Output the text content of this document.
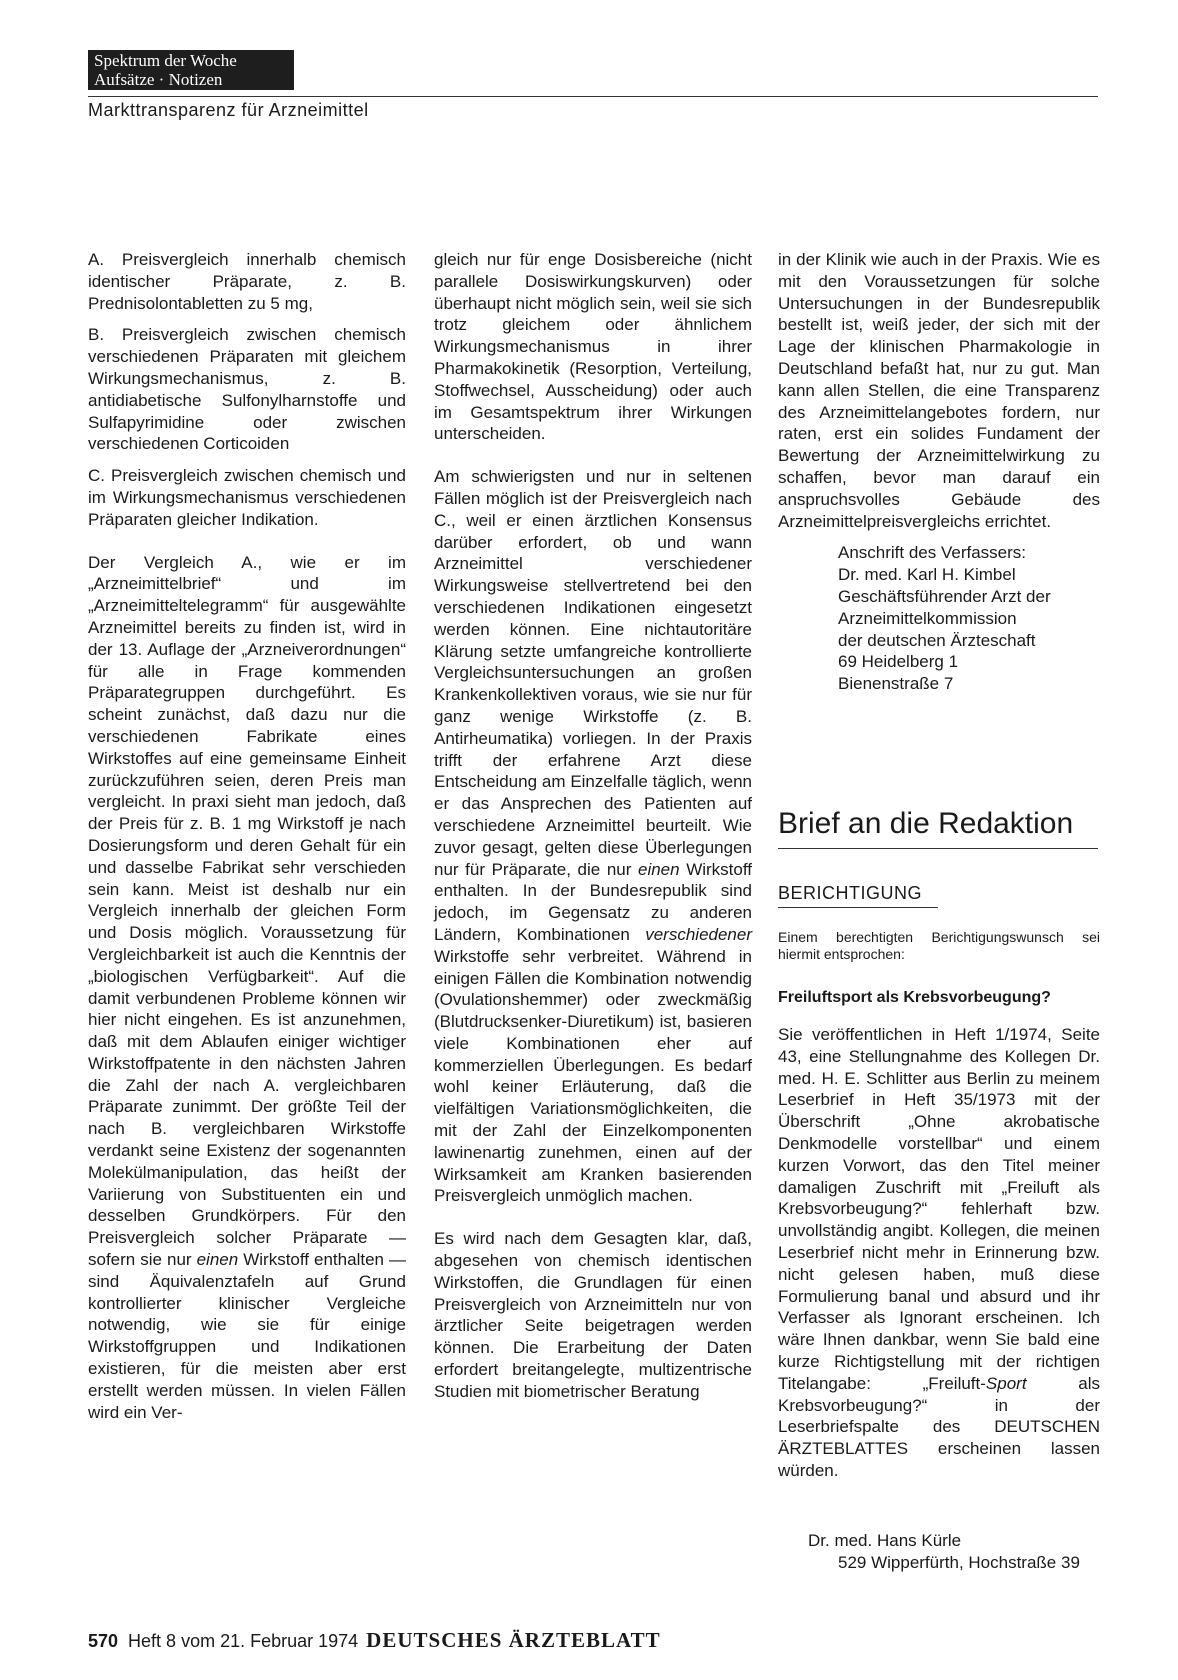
Spektrum der Woche
Aufsätze · Notizen
Markttransparenz für Arzneimittel

A. Preisvergleich innerhalb chemisch identischer Präparate, z. B. Prednisolontabletten zu 5 mg,

B. Preisvergleich zwischen chemisch verschiedenen Präparaten mit gleichem Wirkungsmechanismus, z. B. antidiabetische Sulfonylharnstoffe und Sulfapyrimidine oder zwischen verschiedenen Corticoiden

C. Preisvergleich zwischen chemisch und im Wirkungsmechanismus verschiedenen Präparaten gleicher Indikation.

Der Vergleich A., wie er im „Arzneimittelbrief“ und im „Arzneimitteltelegramm“ für ausgewählte Arzneimittel bereits zu finden ist, wird in der 13. Auflage der „Arzneiverordnungen“ für alle in Frage kommenden Präparategruppen durchgeführt. Es scheint zunächst, daß dazu nur die verschiedenen Fabrikate eines Wirkstoffes auf eine gemeinsame Einheit zurückzuführen seien, deren Preis man vergleicht. In praxi sieht man jedoch, daß der Preis für z. B. 1 mg Wirkstoff je nach Dosierungsform und deren Gehalt für ein und dasselbe Fabrikat sehr verschieden sein kann. Meist ist deshalb nur ein Vergleich innerhalb der gleichen Form und Dosis möglich. Voraussetzung für Vergleichbarkeit ist auch die Kenntnis der „biologischen Verfügbarkeit“. Auf die damit verbundenen Probleme können wir hier nicht eingehen. Es ist anzunehmen, daß mit dem Ablaufen einiger wichtiger Wirkstoffpatente in den nächsten Jahren die Zahl der nach A. vergleichbaren Präparate zunimmt. Der größte Teil der nach B. vergleichbaren Wirkstoffe verdankt seine Existenz der sogenannten Molekülmanipulation, das heißt der Variierung von Substituenten ein und desselben Grundkörpers. Für den Preisvergleich solcher Präparate — sofern sie nur einen Wirkstoff enthalten — sind Äquivalenztafeln auf Grund kontrollierter klinischer Vergleiche notwendig, wie sie für einige Wirkstoffgruppen und Indikationen existieren, für die meisten aber erst erstellt werden müssen. In vielen Fällen wird ein Ver-

gleich nur für enge Dosisbereiche (nicht parallele Dosiswirkungskurven) oder überhaupt nicht möglich sein, weil sie sich trotz gleichem oder ähnlichem Wirkungsmechanismus in ihrer Pharmakokinetik (Resorption, Verteilung, Stoffwechsel, Ausscheidung) oder auch im Gesamtspektrum ihrer Wirkungen unterscheiden.

Am schwierigsten und nur in seltenen Fällen möglich ist der Preisvergleich nach C., weil er einen ärztlichen Konsensus darüber erfordert, ob und wann Arzneimittel verschiedener Wirkungsweise stellvertretend bei den verschiedenen Indikationen eingesetzt werden können. Eine nichtautoritäre Klärung setzte umfangreiche kontrollierte Vergleichsuntersuchungen an großen Krankenkollektiven voraus, wie sie nur für ganz wenige Wirkstoffe (z. B. Antirheumatika) vorliegen. In der Praxis trifft der erfahrene Arzt diese Entscheidung am Einzelfalle täglich, wenn er das Ansprechen des Patienten auf verschiedene Arzneimittel beurteilt. Wie zuvor gesagt, gelten diese Überlegungen nur für Präparate, die nur einen Wirkstoff enthalten. In der Bundesrepublik sind jedoch, im Gegensatz zu anderen Ländern, Kombinationen verschiedener Wirkstoffe sehr verbreitet. Während in einigen Fällen die Kombination notwendig (Ovulationshemmer) oder zweckmäßig (Blutdrucksenker-Diuretikum) ist, basieren viele Kombinationen eher auf kommerziellen Überlegungen. Es bedarf wohl keiner Erläuterung, daß die vielfältigen Variationsmöglichkeiten, die mit der Zahl der Einzelkomponenten lawinenartig zunehmen, einen auf der Wirksamkeit am Kranken basierenden Preisvergleich unmöglich machen.

Es wird nach dem Gesagten klar, daß, abgesehen von chemisch identischen Wirkstoffen, die Grundlagen für einen Preisvergleich von Arzneimitteln nur von ärztlicher Seite beigetragen werden können. Die Erarbeitung der Daten erfordert breitangelegte, multizentrische Studien mit biometrischer Beratung

in der Klinik wie auch in der Praxis. Wie es mit den Voraussetzungen für solche Untersuchungen in der Bundesrepublik bestellt ist, weiß jeder, der sich mit der Lage der klinischen Pharmakologie in Deutschland befaßt hat, nur zu gut. Man kann allen Stellen, die eine Transparenz des Arzneimittelangebotes fordern, nur raten, erst ein solides Fundament der Bewertung der Arzneimittelwirkung zu schaffen, bevor man darauf ein anspruchsvolles Gebäude des Arzneimittelpreisvergleichs errichtet.

Anschrift des Verfassers:
Dr. med. Karl H. Kimbel
Geschäftsführender Arzt der
Arzneimittelkommission
der deutschen Ärzteschaft
69 Heidelberg 1
Bienenstraße 7

Brief an die Redaktion
BERICHTIGUNG
Einem berechtigten Berichtigungswunsch sei hiermit entsprochen:
Freiluftsport als Krebsvorbeugung?

Sie veröffentlichen in Heft 1/1974, Seite 43, eine Stellungnahme des Kollegen Dr. med. H. E. Schlitter aus Berlin zu meinem Leserbrief in Heft 35/1973 mit der Überschrift „Ohne akrobatische Denkmodelle vorstellbar“ und einem kurzen Vorwort, das den Titel meiner damaligen Zuschrift mit „Freiluft als Krebsvorbeugung?“ fehlerhaft bzw. unvollständig angibt. Kollegen, die meinen Leserbrief nicht mehr in Erinnerung bzw. nicht gelesen haben, muß diese Formulierung banal und absurd und ihr Verfasser als Ignorant erscheinen. Ich wäre Ihnen dankbar, wenn Sie bald eine kurze Richtigstellung mit der richtigen Titelangabe: „Freiluft-Sport als Krebsvorbeugung?“ in der Leserbriefspalte des DEUTSCHEN ÄRZTEBLATTES erscheinen lassen würden.

Dr. med. Hans Kürle
529 Wipperfürth, Hochstraße 39
570 Heft 8 vom 21. Februar 1974 DEUTSCHES ÄRZTEBLATT
